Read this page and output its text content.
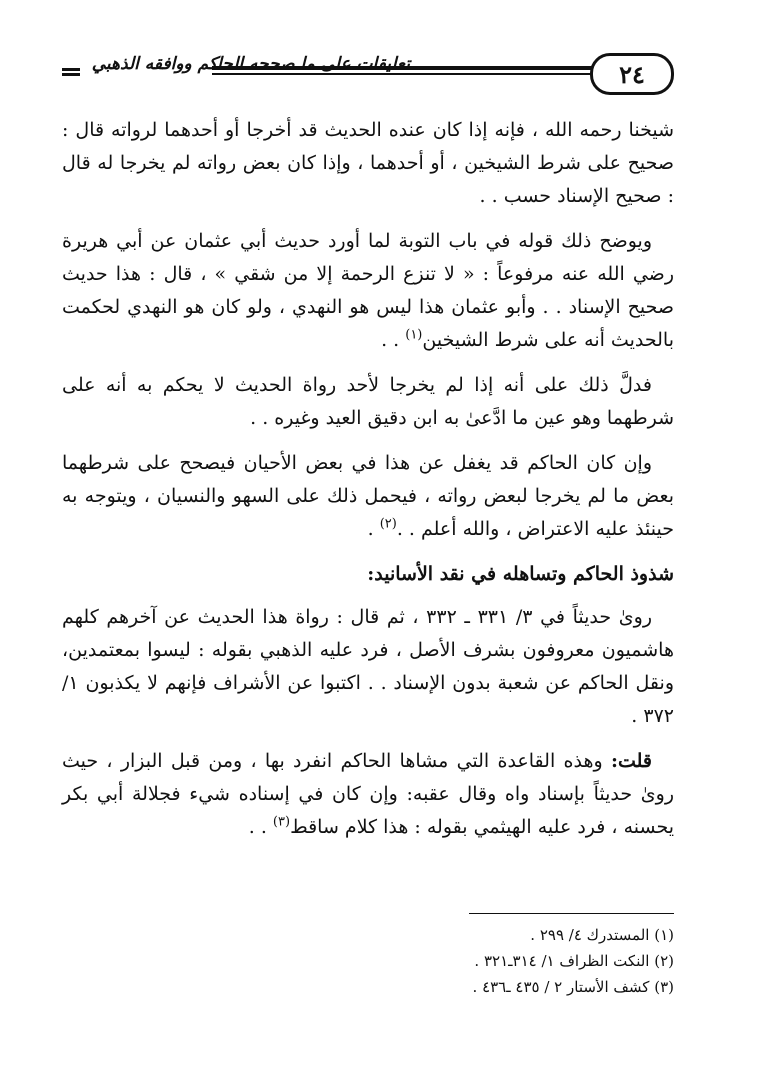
٢٤
تعليقات على ما صححه الحاكم ووافقه الذهبي

شيخنا رحمه الله ، فإنه إذا كان عنده الحديث قد أخرجا أو أحدهما لرواته قال : صحيح على شرط الشيخين ، أو أحدهما ، وإذا كان بعض رواته لم يخرجا له قال : صحيح الإسناد حسب . .

ويوضح ذلك قوله في باب التوبة لما أورد حديث أبي عثمان عن أبي هريرة رضي الله عنه مرفوعاً : « لا تنزع الرحمة إلا من شقي » ، قال : هذا حديث صحيح الإسناد . . وأبو عثمان هذا ليس هو النهدي ، ولو كان هو النهدي لحكمت بالحديث أنه على شرط الشيخين$^{(١)}$ . .

فدلَّ ذلك على أنه إذا لم يخرجا لأحد رواة الحديث لا يحكم به أنه على شرطهما وهو عين ما ادَّعىٰ به ابن دقيق العيد وغيره . .

وإن كان الحاكم قد يغفل عن هذا في بعض الأحيان فيصحح على شرطهما بعض ما لم يخرجا لبعض رواته ، فيحمل ذلك على السهو والنسيان ، ويتوجه به حينئذ عليه الاعتراض ، والله أعلم . .$^{(٢)}$ .

شذوذ الحاكم وتساهله في نقد الأسانيد:

روىٰ حديثاً في ٣/ ٣٣١ ـ ٣٣٢ ، ثم قال : رواة هذا الحديث عن آخرهم كلهم هاشميون معروفون بشرف الأصل ، فرد عليه الذهبي بقوله : ليسوا بمعتمدين، ونقل الحاكم عن شعبة بدون الإسناد . . اكتبوا عن الأشراف فإنهم لا يكذبون ١/ ٣٧٢ .

قلت: وهذه القاعدة التي مشاها الحاكم انفرد بها ، ومن قبل البزار ، حيث روىٰ حديثاً بإسناد واه وقال عقبه: وإن كان في إسناده شيء فجلالة أبي بكر يحسنه ، فرد عليه الهيثمي بقوله : هذا كلام ساقط$^{(٣)}$ . .

(١) المستدرك ٤/ ٢٩٩ .
(٢) النكت الظراف ١/ ٣١٤ـ٣٢١ .
(٣) كشف الأستار ٢ / ٤٣٥ ـ٤٣٦ .
